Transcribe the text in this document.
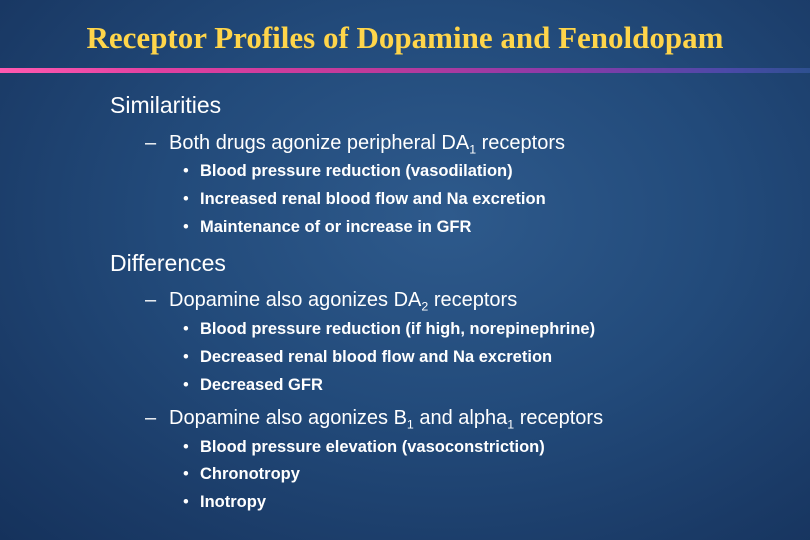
Receptor Profiles of Dopamine and Fenoldopam

Similarities

– Both drugs agonize peripheral $DA_1$ receptors

• Blood pressure reduction (vasodilation)

• Increased renal blood flow and Na excretion

• Maintenance of or increase in GFR

Differences

– Dopamine also agonizes $DA_2$ receptors

• Blood pressure reduction (if high, norepinephrine)

• Decreased renal blood flow and Na excretion

• Decreased GFR

– Dopamine also agonizes $B_1$ and alpha$_1$ receptors

• Blood pressure elevation (vasoconstriction)

• Chronotropy

• Inotropy
